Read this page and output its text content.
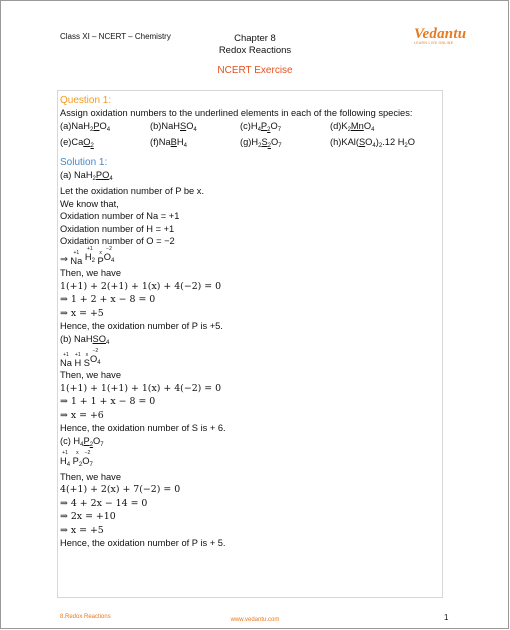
Class XI – NCERT – Chemistry	Chapter 8
Redox Reactions
Vedantu
LEARN LIVE ONLINE
NCERT Exercise

Question 1:

Assign oxidation numbers to the underlined elements in each of the following species:

(a)NaH2PO4	(b)NaHSO4	(c)H4P2O7	(d)K2MnO4

(e)CaO2	(f)NaBH4	(g)H2S2O7	(h)KAl(SO4)2.12 H2O

Solution 1:

(a) $NaH_2PO_4$

Let the oxidation number of P be x.

We know that,

Oxidation number of Na = +1

Oxidation number of H = +1

Oxidation number of O = −2

⇒
+1
Na

+1
$H_2$

x
P
−2
$O_4$

Then, we have

1(+1) + 2(+1) + 1(x) + 4(−2) = 0

⇒ 1 + 2 + x − 8 = 0

⇒ x = +5

Hence, the oxidation number of P is +5.

(b) NaHSO$_4$

+1
Na

+1
H

x
S
−2
$O_4$

Then, we have

1(+1) + 1(+1) + 1(x) + 4(−2) = 0

⇒ 1 + 1 + x − 8 = 0

⇒ x = +6

Hence, the oxidation number of S is + 6.

(c) $H_4P_2O_7$

+1
$H_4$

x
$P_2$
−2
$O_7$

Then, we have

4(+1) + 2(x) + 7(−2) = 0

⇒ 4 + 2x − 14 = 0

⇒ 2x = +10

⇒ x = +5

Hence, the oxidation number of P is + 5.

8.Redox Reactions	www.vedantu.com	1
